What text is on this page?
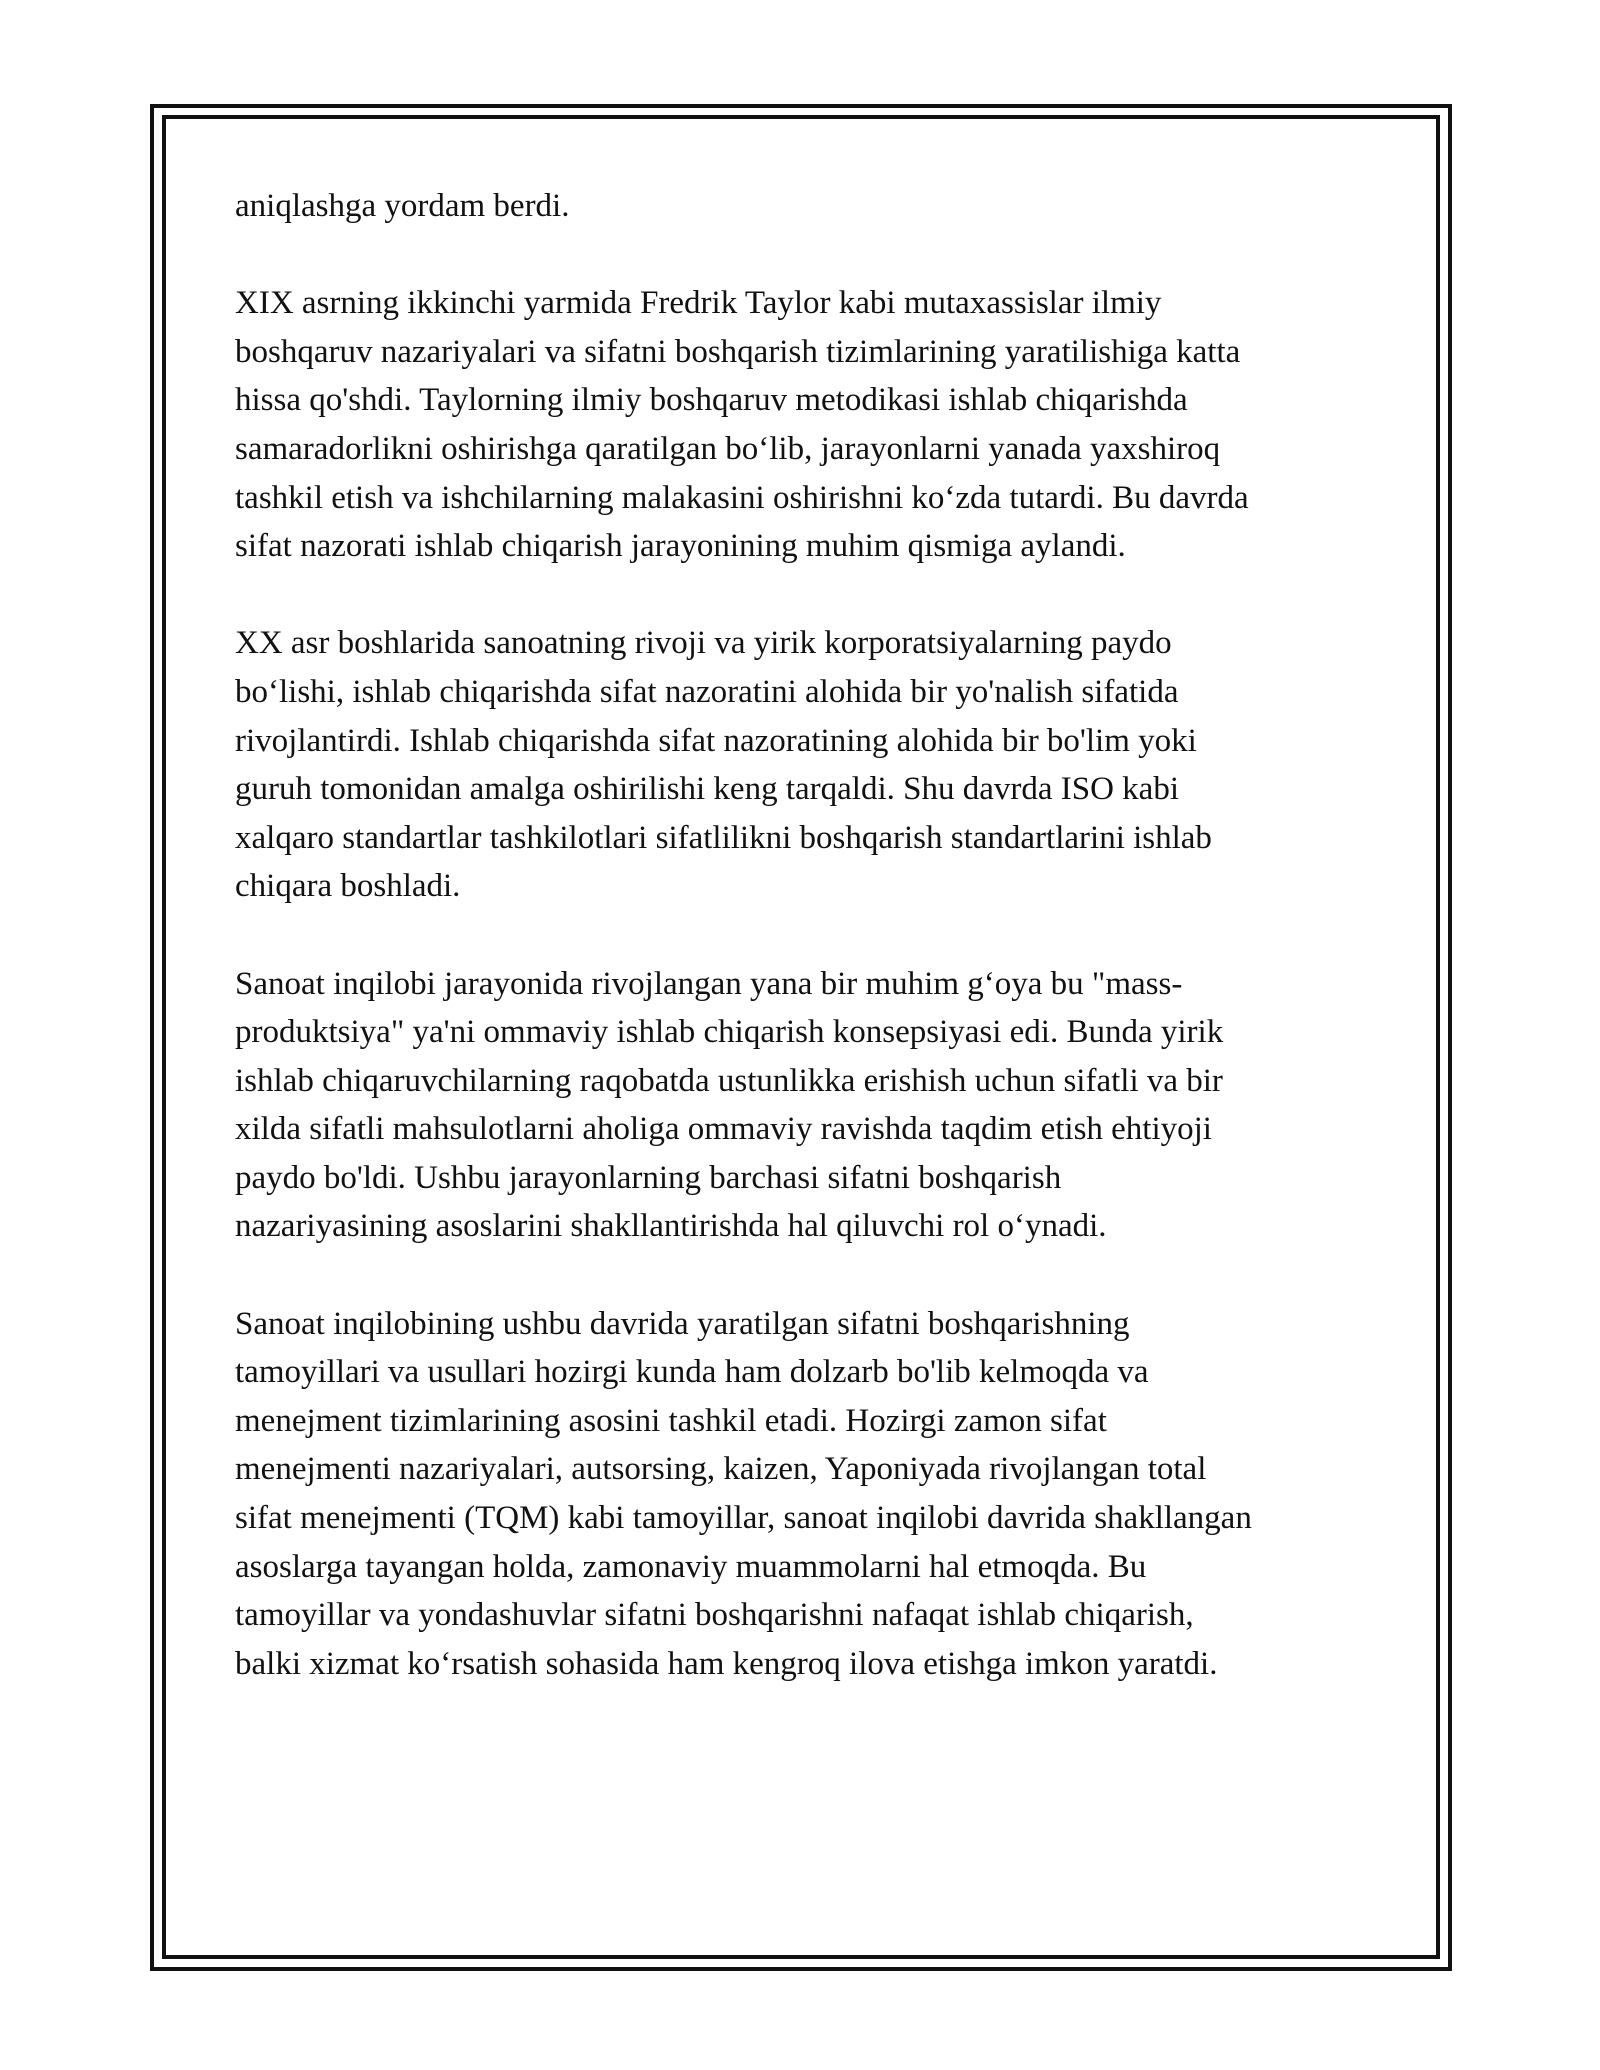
aniqlashga yordam berdi.

XIX asrning ikkinchi yarmida Fredrik Taylor kabi mutaxassislar ilmiy
boshqaruv nazariyalari va sifatni boshqarish tizimlarining yaratilishiga katta
hissa qo'shdi. Taylorning ilmiy boshqaruv metodikasi ishlab chiqarishda
samaradorlikni oshirishga qaratilgan bo‘lib, jarayonlarni yanada yaxshiroq
tashkil etish va ishchilarning malakasini oshirishni ko‘zda tutardi. Bu davrda
sifat nazorati ishlab chiqarish jarayonining muhim qismiga aylandi.

XX asr boshlarida sanoatning rivoji va yirik korporatsiyalarning paydo
bo‘lishi, ishlab chiqarishda sifat nazoratini alohida bir yo'nalish sifatida
rivojlantirdi. Ishlab chiqarishda sifat nazoratining alohida bir bo'lim yoki
guruh tomonidan amalga oshirilishi keng tarqaldi. Shu davrda ISO kabi
xalqaro standartlar tashkilotlari sifatlilikni boshqarish standartlarini ishlab
chiqara boshladi.

Sanoat inqilobi jarayonida rivojlangan yana bir muhim g‘oya bu "mass-
produktsiya" ya'ni ommaviy ishlab chiqarish konsepsiyasi edi. Bunda yirik
ishlab chiqaruvchilarning raqobatda ustunlikka erishish uchun sifatli va bir
xilda sifatli mahsulotlarni aholiga ommaviy ravishda taqdim etish ehtiyoji
paydo bo'ldi. Ushbu jarayonlarning barchasi sifatni boshqarish
nazariyasining asoslarini shakllantirishda hal qiluvchi rol o‘ynadi.

Sanoat inqilobining ushbu davrida yaratilgan sifatni boshqarishning
tamoyillari va usullari hozirgi kunda ham dolzarb bo'lib kelmoqda va
menejment tizimlarining asosini tashkil etadi. Hozirgi zamon sifat
menejmenti nazariyalari, autsorsing, kaizen, Yaponiyada rivojlangan total
sifat menejmenti (TQM) kabi tamoyillar, sanoat inqilobi davrida shakllangan
asoslarga tayangan holda, zamonaviy muammolarni hal etmoqda. Bu
tamoyillar va yondashuvlar sifatni boshqarishni nafaqat ishlab chiqarish,
balki xizmat ko‘rsatish sohasida ham kengroq ilova etishga imkon yaratdi.
